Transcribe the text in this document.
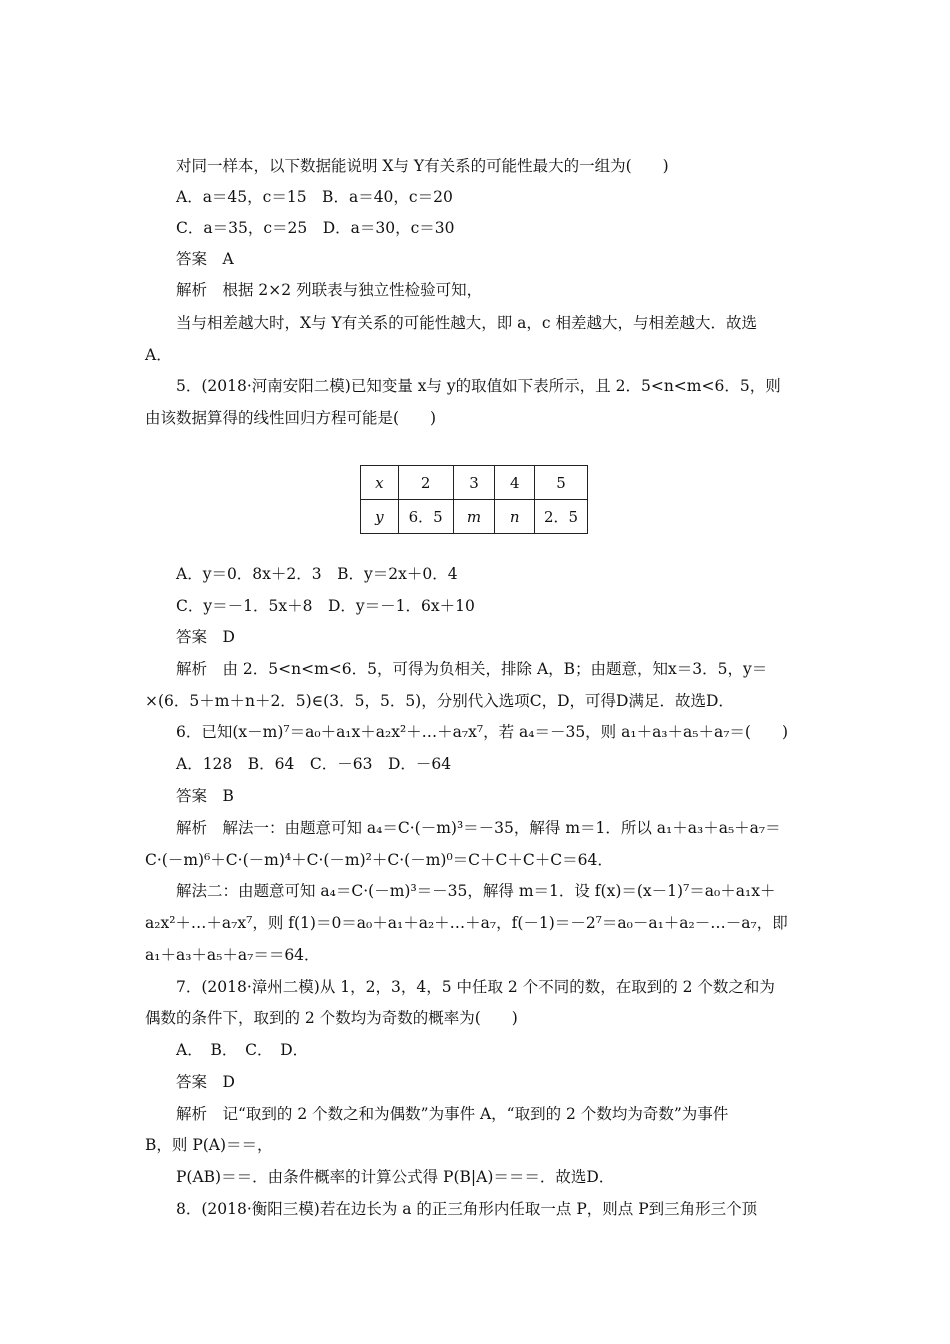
对同一样本，以下数据能说明 X与 Y有关系的可能性最大的一组为(　　)
A．a＝45，c＝15　B．a＝40，c＝20
C．a＝35，c＝25　D．a＝30，c＝30
答案　A
解析　根据 2×2 列联表与独立性检验可知，
当与相差越大时，X与 Y有关系的可能性越大，即 a，c 相差越大，与相差越大．故选
A．
5．(2018·河南安阳二模)已知变量 x与 y的取值如下表所示，且 2．5<n<m<6．5，则
由该数据算得的线性回归方程可能是(　　)
x	2	3	4	5
y	6．5	m	n	2．5
A．y＝0．8x＋2．3　B．y＝2x＋0．4
C．y＝－1．5x＋8　D．y＝－1．6x＋10
答案　D
解析　由 2．5<n<m<6．5，可得为负相关，排除 A，B；由题意，知x＝3．5，y＝
×(6．5＋m＋n＋2．5)∈(3．5，5．5)，分别代入选项C，D，可得D满足．故选D．
6．已知(x－m)⁷＝a₀＋a₁x＋a₂x²＋…＋a₇x⁷，若 a₄＝－35，则 a₁＋a₃＋a₅＋a₇＝(　　)
A．128　B．64　C．－63　D．－64
答案　B
解析　解法一：由题意可知 a₄＝C·(－m)³＝－35，解得 m＝1．所以 a₁＋a₃＋a₅＋a₇＝
C·(－m)⁶＋C·(－m)⁴＋C·(－m)²＋C·(－m)⁰＝C＋C＋C＋C＝64．
解法二：由题意可知 a₄＝C·(－m)³＝－35，解得 m＝1．设 f(x)＝(x－1)⁷＝a₀＋a₁x＋
a₂x²＋…＋a₇x⁷，则 f(1)＝0＝a₀＋a₁＋a₂＋…＋a₇，f(－1)＝－2⁷＝a₀－a₁＋a₂－…－a₇，即
a₁＋a₃＋a₅＋a₇＝＝64．
7．(2018·漳州二模)从 1，2，3，4，5 中任取 2 个不同的数，在取到的 2 个数之和为
偶数的条件下，取到的 2 个数均为奇数的概率为(　　)
A．　B．　C．　D．
答案　D
解析　记“取到的 2 个数之和为偶数”为事件 A，“取到的 2 个数均为奇数”为事件
B，则 P(A)＝＝，
P(AB)＝＝．由条件概率的计算公式得 P(B|A)＝＝＝．故选D．
8．(2018·衡阳三模)若在边长为 a 的正三角形内任取一点 P，则点 P到三角形三个顶
